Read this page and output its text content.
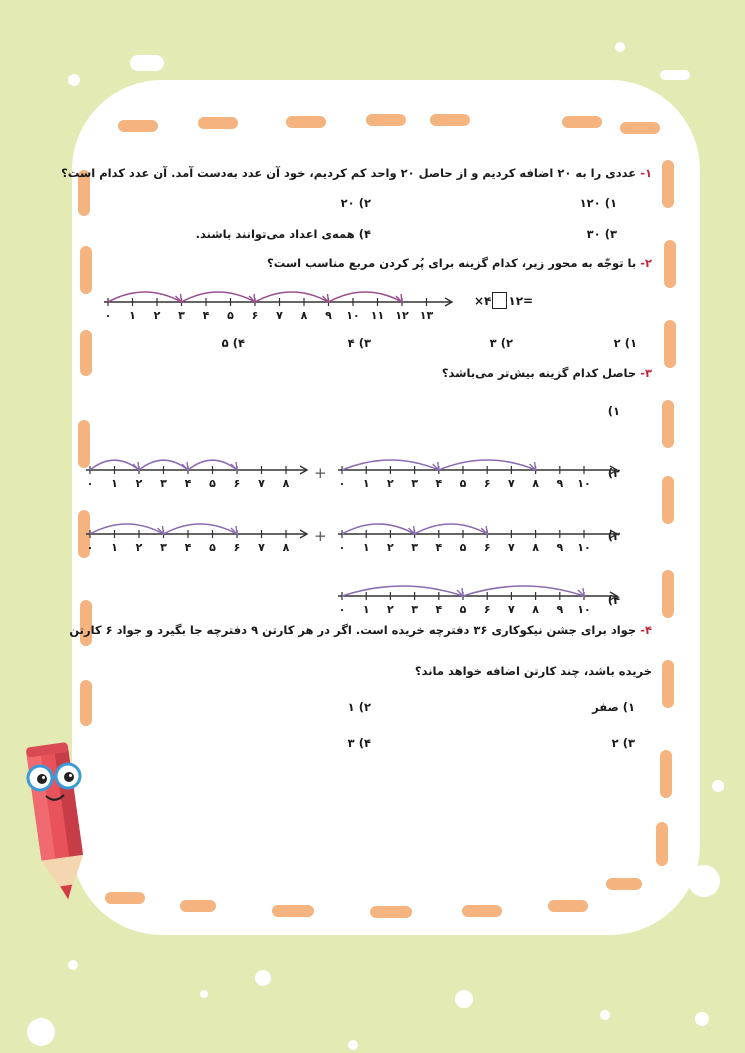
۱- عددی را به ۲۰ اضافه کردیم و از حاصل ۲۰ واحد کم کردیم، خود آن عدد به‌دست آمد. آن عدد کدام است؟
۱) ۱۲۰
۲) ۲۰
۳) ۳۰
۴) همه‌ی اعداد می‌توانند باشند.
۲- با توجّه به محور زیر، کدام گزینه برای پُر کردن مربع مناسب است؟
×۴ ۱۲=
۰ ۱ ۲ ۳ ۴ ۵ ۶ ۷ ۸ ۹ ۱۰ ۱۱ ۱۲ ۱۳
۱) ۲
۲) ۳
۳) ۴
۴) ۵
۳- حاصل کدام گزینه بیش‌تر می‌باشد؟
۱)
۲)
۰ ۱ ۲ ۳ ۴ ۵ ۶ ۷ ۸
+
۰ ۱ ۲ ۳ ۴ ۵ ۶ ۷ ۸ ۹ ۱۰
۳)
۰ ۱ ۲ ۳ ۴ ۵ ۶ ۷ ۸
+
۰ ۱ ۲ ۳ ۴ ۵ ۶ ۷ ۸ ۹ ۱۰
۴)
۰ ۱ ۲ ۳ ۴ ۵ ۶ ۷ ۸ ۹ ۱۰
۴- جواد برای جشن نیکوکاری ۳۶ دفترچه خریده است. اگر در هر کارتن ۹ دفترچه جا بگیرد و جواد ۶ کارتن
خریده باشد، چند کارتن اضافه خواهد ماند؟
۱) صفر
۲) ۱
۳) ۲
۴) ۳
